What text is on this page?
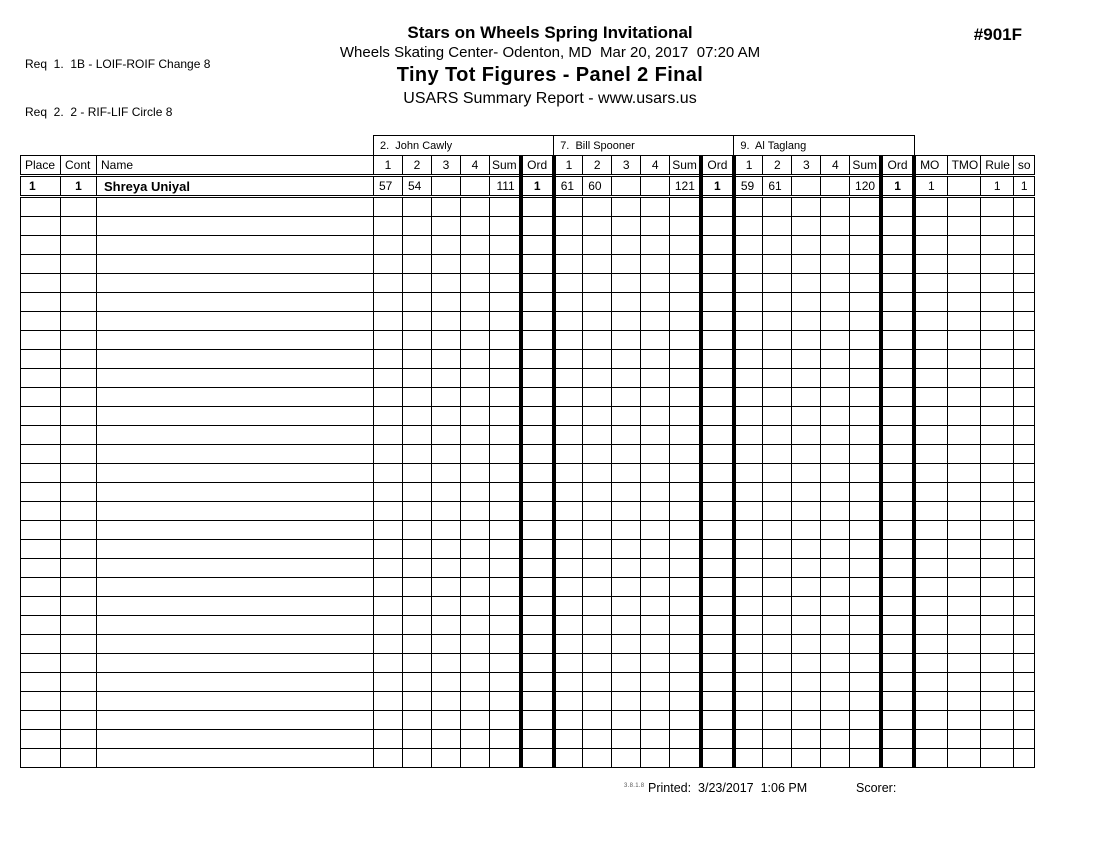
Req  1.  1B - LOIF-ROIF Change 8

Req  2.  2 - RIF-LIF Circle 8

Stars on Wheels Spring Invitational
Wheels Skating Center- Odenton, MD  Mar 20, 2017  07:20 AM
Tiny Tot Figures - Panel 2 Final
USARS Summary Report - www.usars.us
#901F
			2.  John Cawly						7.  Bill Spooner						9.  Al Taglang									
Place	Cont	Name	1	2	3	4	Sum	Ord	1	2	3	4	Sum	Ord	1	2	3	4	Sum	Ord	MO	TMO	Rule	so
1	1	Shreya Uniyal	57	54			111	1	61	60			121	1	59	61			120	1	1		1	1

3.8.1.8 Printed:  3/23/2017  1:06 PM	Scorer:
